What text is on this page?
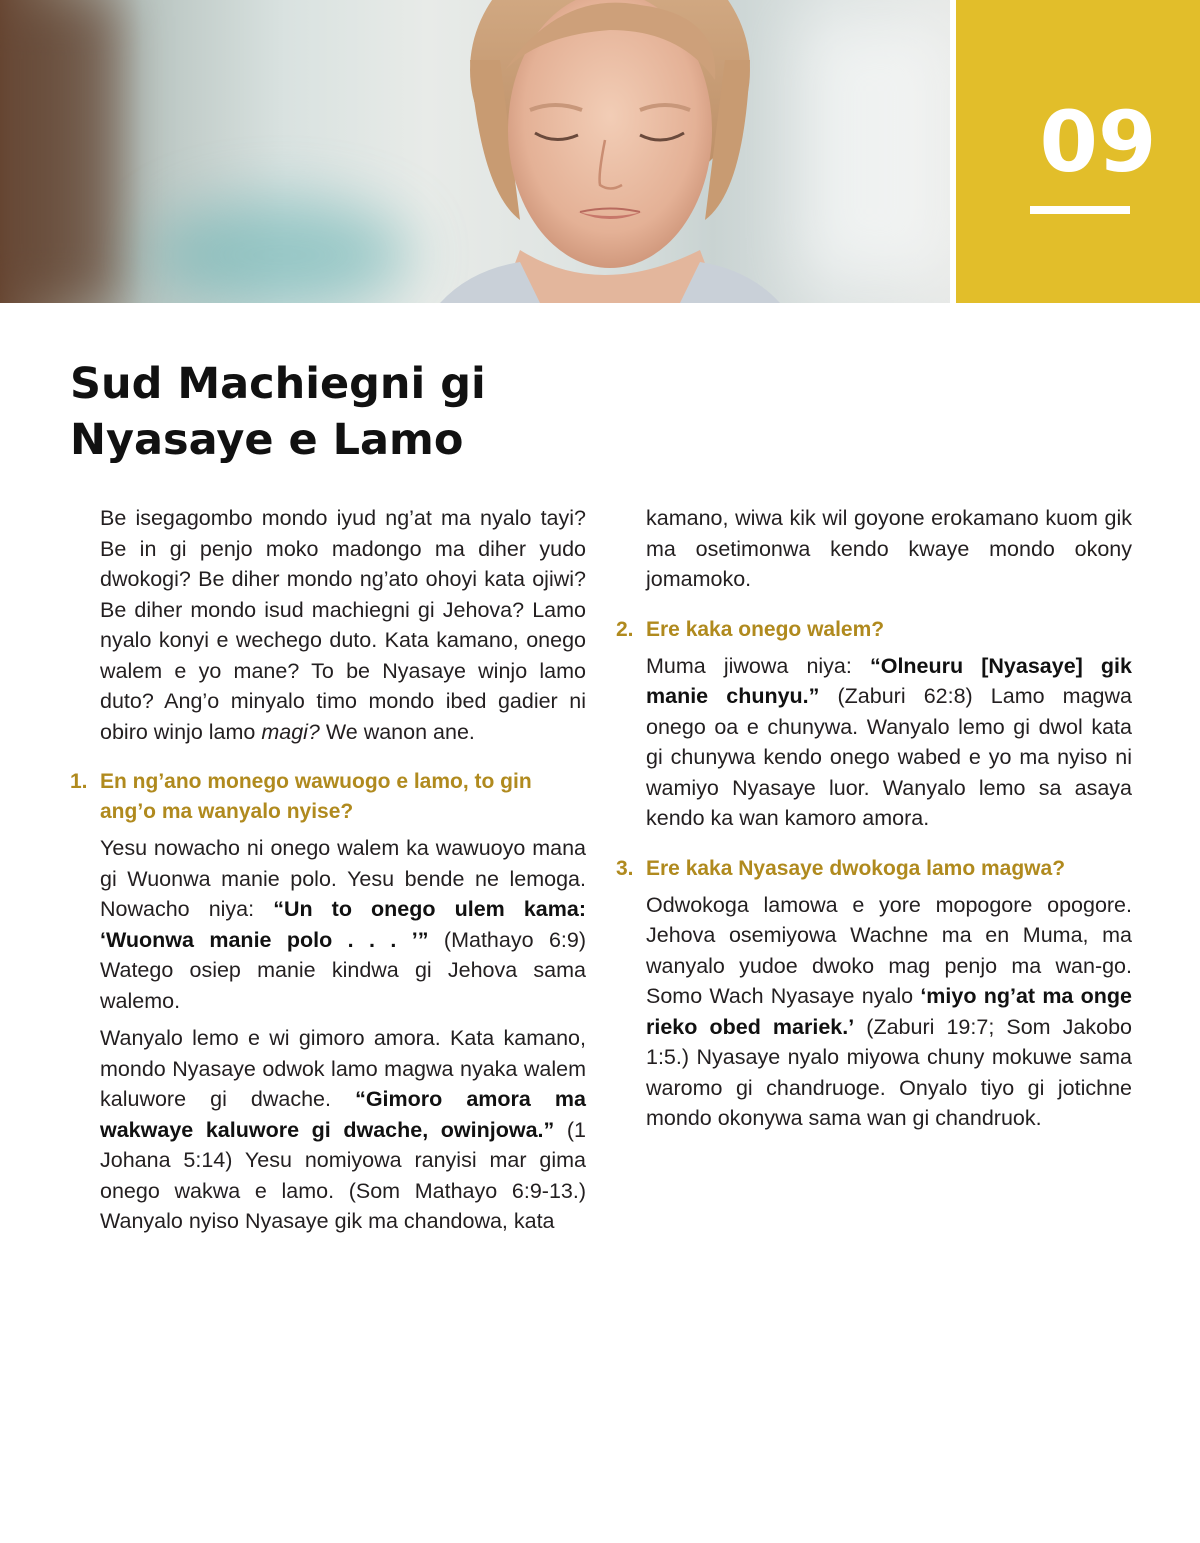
09
Sud Machiegni gi
Nyasaye e Lamo

Be isegagombo mondo iyud ng’at ma nyalo tayi? Be in gi penjo moko madongo ma diher yudo dwokogi? Be diher mondo ng’ato ohoyi kata ojiwi? Be diher mondo isud machiegni gi Jehova? Lamo nyalo konyi e wechego duto. Kata kamano, onego walem e yo mane? To be Nyasaye winjo lamo duto? Ang’o minyalo timo mondo ibed gadier ni obiro winjo lamo magi? We wanon ane.

1. En ng’ano monego wawuogo e lamo, to gin ang’o ma wanyalo nyise?

Yesu nowacho ni onego walem ka wawuoyo mana gi Wuonwa manie polo. Yesu bende ne lemoga. Nowacho niya: “Un to onego ulem kama: ‘Wuonwa manie polo . . . ’” (Mathayo 6:9) Watego osiep manie kindwa gi Jehova sama walemo.

Wanyalo lemo e wi gimoro amora. Kata kamano, mondo Nyasaye odwok lamo magwa nyaka walem kaluwore gi dwache. “Gimoro amora ma wakwaye kaluwore gi dwache, owinjowa.” (1 Johana 5:14) Yesu nomiyowa ranyisi mar gima onego wakwa e lamo. (Som Mathayo 6:9-13.) Wanyalo nyiso Nyasaye gik ma chandowa, kata

kamano, wiwa kik wil goyone erokamano kuom gik ma osetimonwa kendo kwaye mondo okony jomamoko.

2. Ere kaka onego walem?

Muma jiwowa niya: “Olneuru [Nyasaye] gik manie chunyu.” (Zaburi 62:8) Lamo magwa onego oa e chunywa. Wanyalo lemo gi dwol kata gi chunywa kendo onego wabed e yo ma nyiso ni wamiyo Nyasaye luor. Wanyalo lemo sa asaya kendo ka wan kamoro amora.

3. Ere kaka Nyasaye dwokoga lamo magwa?

Odwokoga lamowa e yore mopogore opogore. Jehova osemiyowa Wachne ma en Muma, ma wanyalo yudoe dwoko mag penjo ma wan-go. Somo Wach Nyasaye nyalo ‘miyo ng’at ma onge rieko obed mariek.’ (Zaburi 19:7; Som Jakobo 1:5.) Nyasaye nyalo miyowa chuny mokuwe sama waromo gi chandruoge. Onyalo tiyo gi jotichne mondo okonywa sama wan gi chandruok.
